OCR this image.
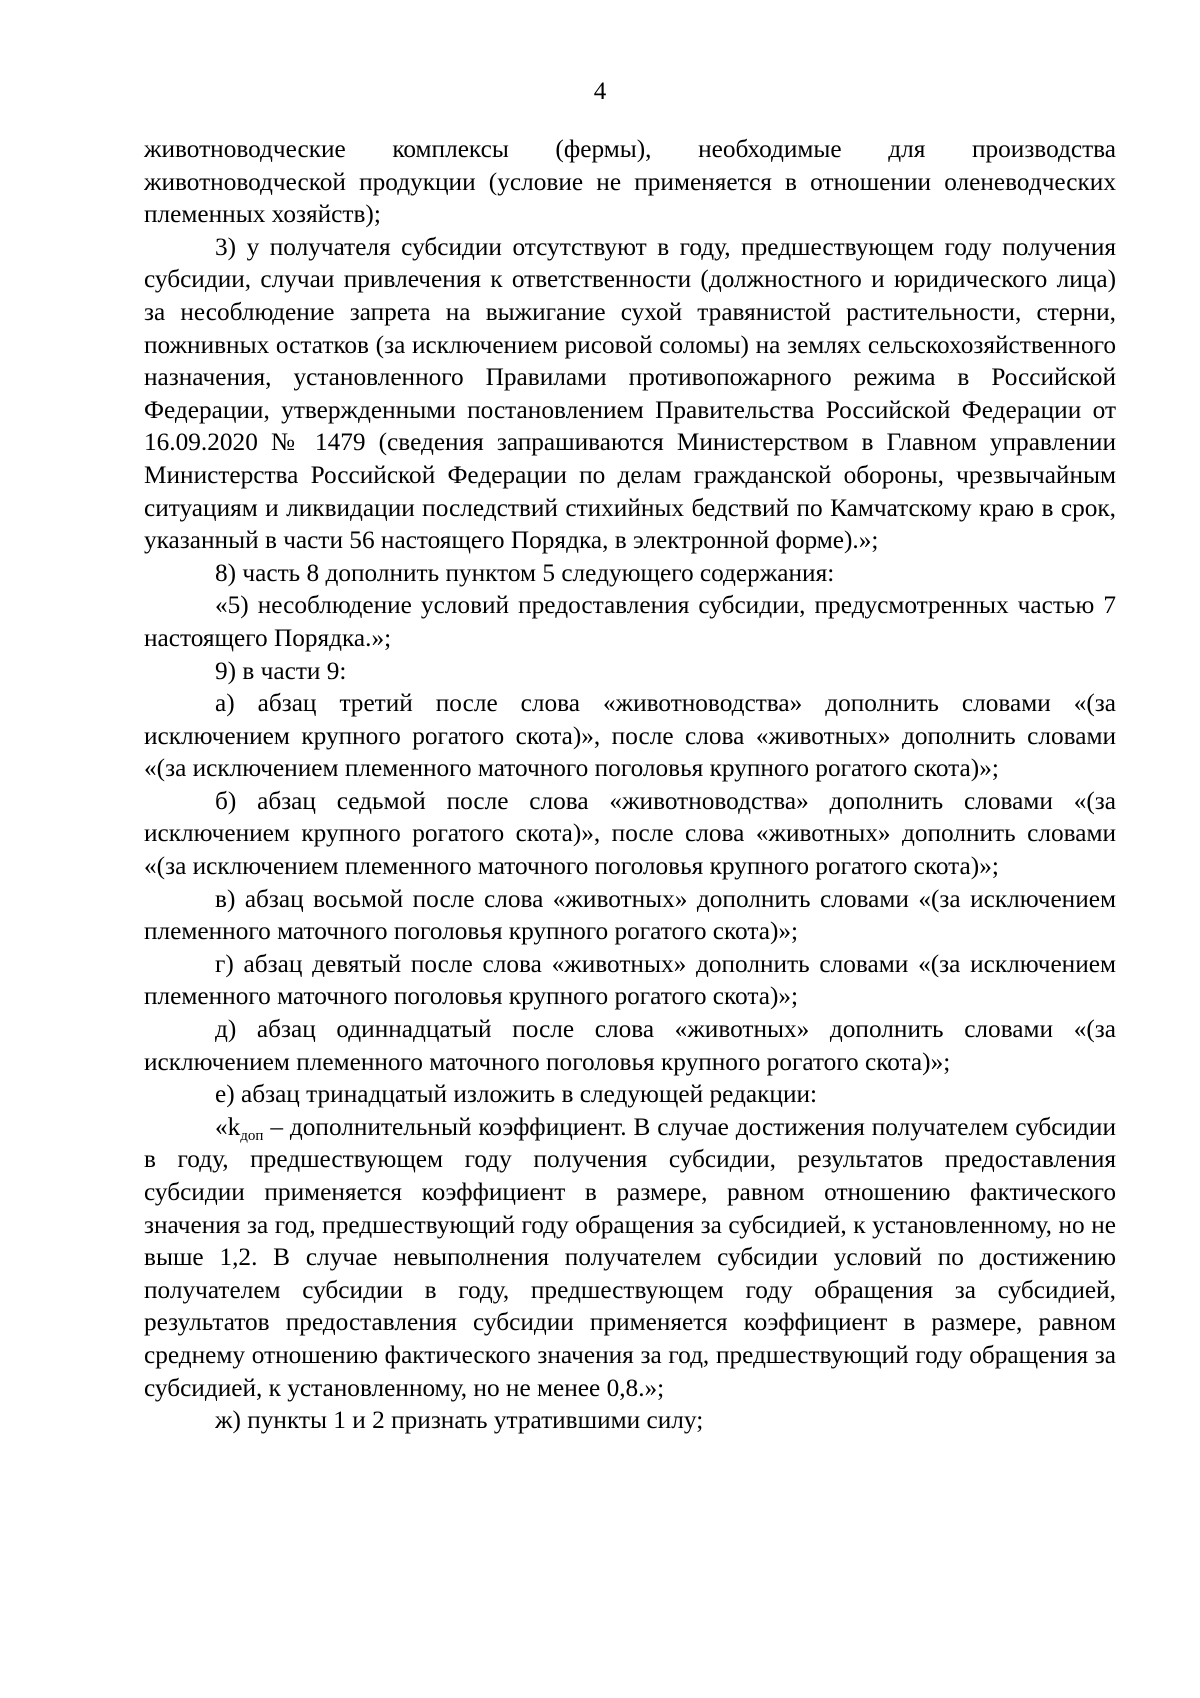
4

животноводческие комплексы (фермы), необходимые для производства животноводческой продукции (условие не применяется в отношении оленеводческих племенных хозяйств);

3) у получателя субсидии отсутствуют в году, предшествующем году получения субсидии, случаи привлечения к ответственности (должностного и юридического лица) за несоблюдение запрета на выжигание сухой травянистой растительности, стерни, пожнивных остатков (за исключением рисовой соломы) на землях сельскохозяйственного назначения, установленного Правилами противопожарного режима в Российской Федерации, утвержденными постановлением Правительства Российской Федерации от 16.09.2020 № 1479 (сведения запрашиваются Министерством в Главном управлении Министерства Российской Федерации по делам гражданской обороны, чрезвычайным ситуациям и ликвидации последствий стихийных бедствий по Камчатскому краю в срок, указанный в части 56 настоящего Порядка, в электронной форме).»;

8) часть 8 дополнить пунктом 5 следующего содержания:

«5) несоблюдение условий предоставления субсидии, предусмотренных частью 7 настоящего Порядка.»;

9) в части 9:

а) абзац третий после слова «животноводства» дополнить словами «(за исключением крупного рогатого скота)», после слова «животных» дополнить словами «(за исключением племенного маточного поголовья крупного рогатого скота)»;

б) абзац седьмой после слова «животноводства» дополнить словами «(за исключением крупного рогатого скота)», после слова «животных» дополнить словами «(за исключением племенного маточного поголовья крупного рогатого скота)»;

в) абзац восьмой после слова «животных» дополнить словами «(за исключением племенного маточного поголовья крупного рогатого скота)»;

г) абзац девятый после слова «животных» дополнить словами «(за исключением племенного маточного поголовья крупного рогатого скота)»;

д) абзац одиннадцатый после слова «животных» дополнить словами «(за исключением племенного маточного поголовья крупного рогатого скота)»;

е) абзац тринадцатый изложить в следующей редакции:

«$k_{доп}$ – дополнительный коэффициент. В случае достижения получателем субсидии в году, предшествующем году получения субсидии, результатов предоставления субсидии применяется коэффициент в размере, равном отношению фактического значения за год, предшествующий году обращения за субсидией, к установленному, но не выше 1,2. В случае невыполнения получателем субсидии условий по достижению получателем субсидии в году, предшествующем году обращения за субсидией, результатов предоставления субсидии применяется коэффициент в размере, равном среднему отношению фактического значения за год, предшествующий году обращения за субсидией, к установленному, но не менее 0,8.»;

ж) пункты 1 и 2 признать утратившими силу;
